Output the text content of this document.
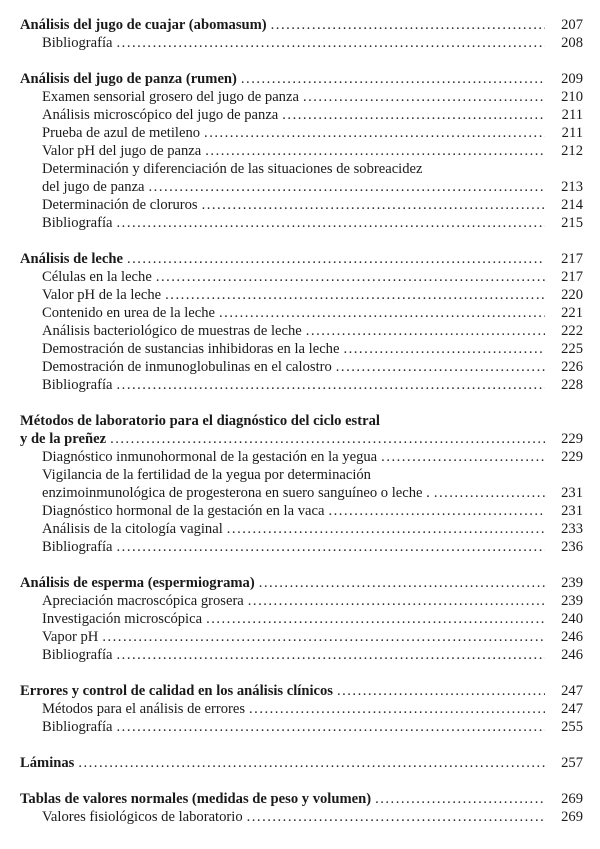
Análisis del jugo de cuajar (abomasum) .....	207
Bibliografía .....	208
Análisis del jugo de panza (rumen) .....	209
Examen sensorial grosero del jugo de panza .....	210
Análisis microscópico del jugo de panza .....	211
Prueba de azul de metileno .....	211
Valor pH del jugo de panza .....	212
Determinación y diferenciación de las situaciones de sobreacidez
del jugo de panza .....	213
Determinación de cloruros .....	214
Bibliografía .....	215
Análisis de leche .....	217
Células en la leche .....	217
Valor pH de la leche .....	220
Contenido en urea de la leche .....	221
Análisis bacteriológico de muestras de leche .....	222
Demostración de sustancias inhibidoras en la leche .....	225
Demostración de inmunoglobulinas en el calostro .....	226
Bibliografía .....	228
Métodos de laboratorio para el diagnóstico del ciclo estral
y de la preñez .....	229
Diagnóstico inmunohormonal de la gestación en la yegua .....	229
Vigilancia de la fertilidad de la yegua por determinación
enzimoinmunológica de progesterona en suero sanguíneo o leche . .....	231
Diagnóstico hormonal de la gestación en la vaca .....	231
Análisis de la citología vaginal .....	233
Bibliografía .....	236
Análisis de esperma (espermiograma) .....	239
Apreciación macroscópica grosera .....	239
Investigación microscópica .....	240
Vapor pH .....	246
Bibliografía .....	246
Errores y control de calidad en los análisis clínicos .....	247
Métodos para el análisis de errores .....	247
Bibliografía .....	255
Láminas .....	257
Tablas de valores normales (medidas de peso y volumen) .....	269
Valores fisiológicos de laboratorio .....	269
